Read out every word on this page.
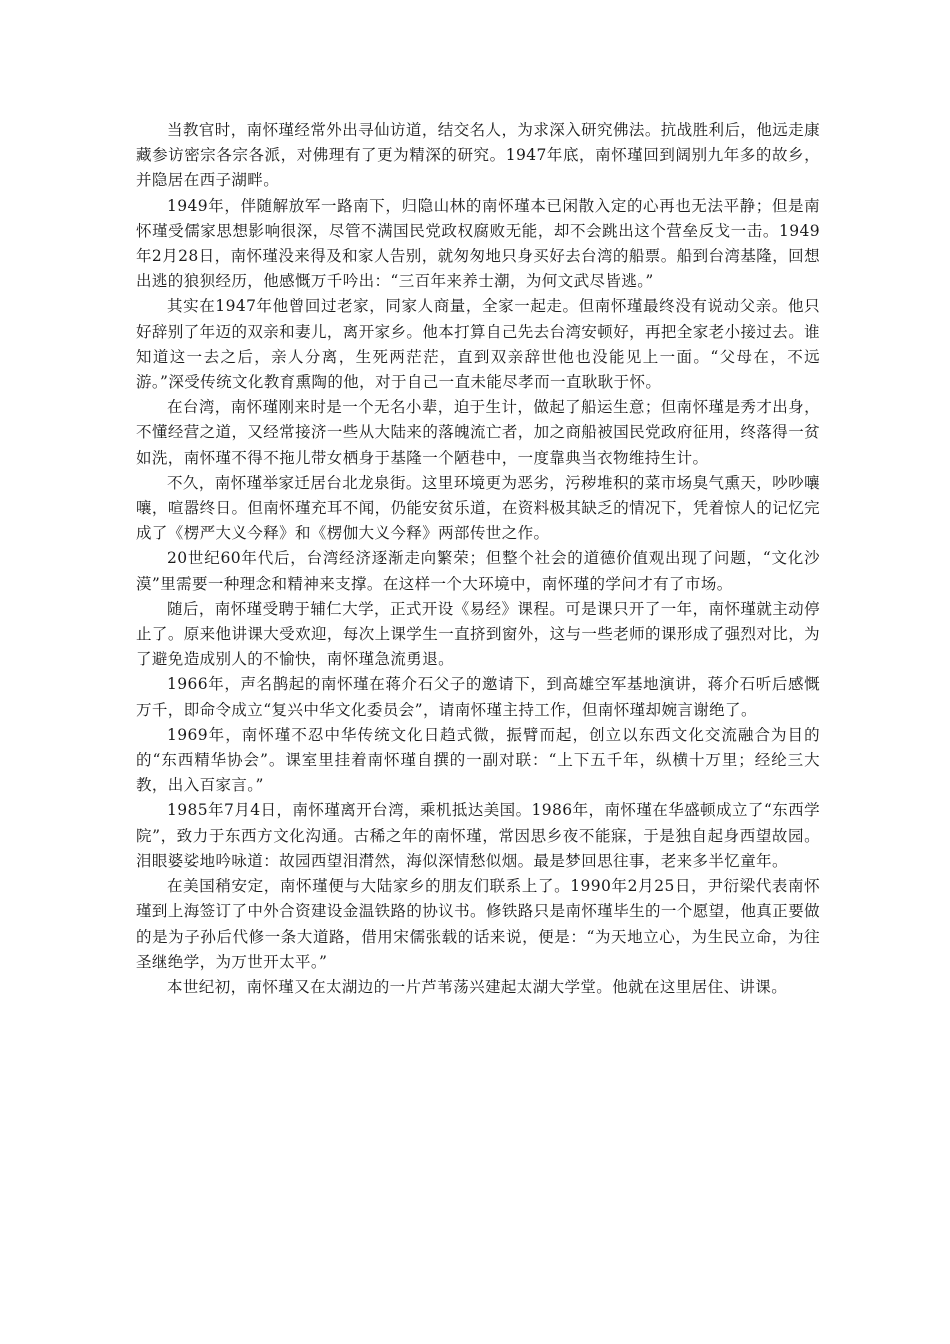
当教官时，南怀瑾经常外出寻仙访道，结交名人，为求深入研究佛法。抗战胜利后，他远走康藏参访密宗各宗各派，对佛理有了更为精深的研究。1947年底，南怀瑾回到阔别九年多的故乡，并隐居在西子湖畔。

1949年，伴随解放军一路南下，归隐山林的南怀瑾本已闲散入定的心再也无法平静；但是南怀瑾受儒家思想影响很深，尽管不满国民党政权腐败无能，却不会跳出这个营垒反戈一击。1949年2月28日，南怀瑾没来得及和家人告别，就匆匆地只身买好去台湾的船票。船到台湾基隆，回想出逃的狼狈经历，他感慨万千吟出：“三百年来养士潮，为何文武尽皆逃。”

其实在1947年他曾回过老家，同家人商量，全家一起走。但南怀瑾最终没有说动父亲。他只好辞别了年迈的双亲和妻儿，离开家乡。他本打算自己先去台湾安顿好，再把全家老小接过去。谁知道这一去之后，亲人分离，生死两茫茫，直到双亲辞世他也没能见上一面。“父母在，不远游。”深受传统文化教育熏陶的他，对于自己一直未能尽孝而一直耿耿于怀。

在台湾，南怀瑾刚来时是一个无名小辈，迫于生计，做起了船运生意；但南怀瑾是秀才出身，不懂经营之道，又经常接济一些从大陆来的落魄流亡者，加之商船被国民党政府征用，终落得一贫如洗，南怀瑾不得不拖儿带女栖身于基隆一个陋巷中，一度靠典当衣物维持生计。

不久，南怀瑾举家迁居台北龙泉街。这里环境更为恶劣，污秽堆积的菜市场臭气熏天，吵吵嚷嚷，喧嚣终日。但南怀瑾充耳不闻，仍能安贫乐道，在资料极其缺乏的情况下，凭着惊人的记忆完成了《楞严大义今释》和《楞伽大义今释》两部传世之作。

20世纪60年代后，台湾经济逐渐走向繁荣；但整个社会的道德价值观出现了问题，“文化沙漠”里需要一种理念和精神来支撑。在这样一个大环境中，南怀瑾的学问才有了市场。

随后，南怀瑾受聘于辅仁大学，正式开设《易经》课程。可是课只开了一年，南怀瑾就主动停止了。原来他讲课大受欢迎，每次上课学生一直挤到窗外，这与一些老师的课形成了强烈对比，为了避免造成别人的不愉快，南怀瑾急流勇退。

1966年，声名鹊起的南怀瑾在蒋介石父子的邀请下，到高雄空军基地演讲，蒋介石听后感慨万千，即命令成立“复兴中华文化委员会”，请南怀瑾主持工作，但南怀瑾却婉言谢绝了。

1969年，南怀瑾不忍中华传统文化日趋式微，振臂而起，创立以东西文化交流融合为目的的“东西精华协会”。课室里挂着南怀瑾自撰的一副对联：“上下五千年，纵横十万里；经纶三大教，出入百家言。”

1985年7月4日，南怀瑾离开台湾，乘机抵达美国。1986年，南怀瑾在华盛顿成立了“东西学院”，致力于东西方文化沟通。古稀之年的南怀瑾，常因思乡夜不能寐，于是独自起身西望故园。泪眼婆娑地吟咏道：故园西望泪潸然，海似深情愁似烟。最是梦回思往事，老来多半忆童年。

在美国稍安定，南怀瑾便与大陆家乡的朋友们联系上了。1990年2月25日，尹衍梁代表南怀瑾到上海签订了中外合资建设金温铁路的协议书。修铁路只是南怀瑾毕生的一个愿望，他真正要做的是为子孙后代修一条大道路，借用宋儒张载的话来说，便是：“为天地立心，为生民立命，为往圣继绝学，为万世开太平。”

本世纪初，南怀瑾又在太湖边的一片芦苇荡兴建起太湖大学堂。他就在这里居住、讲课。
